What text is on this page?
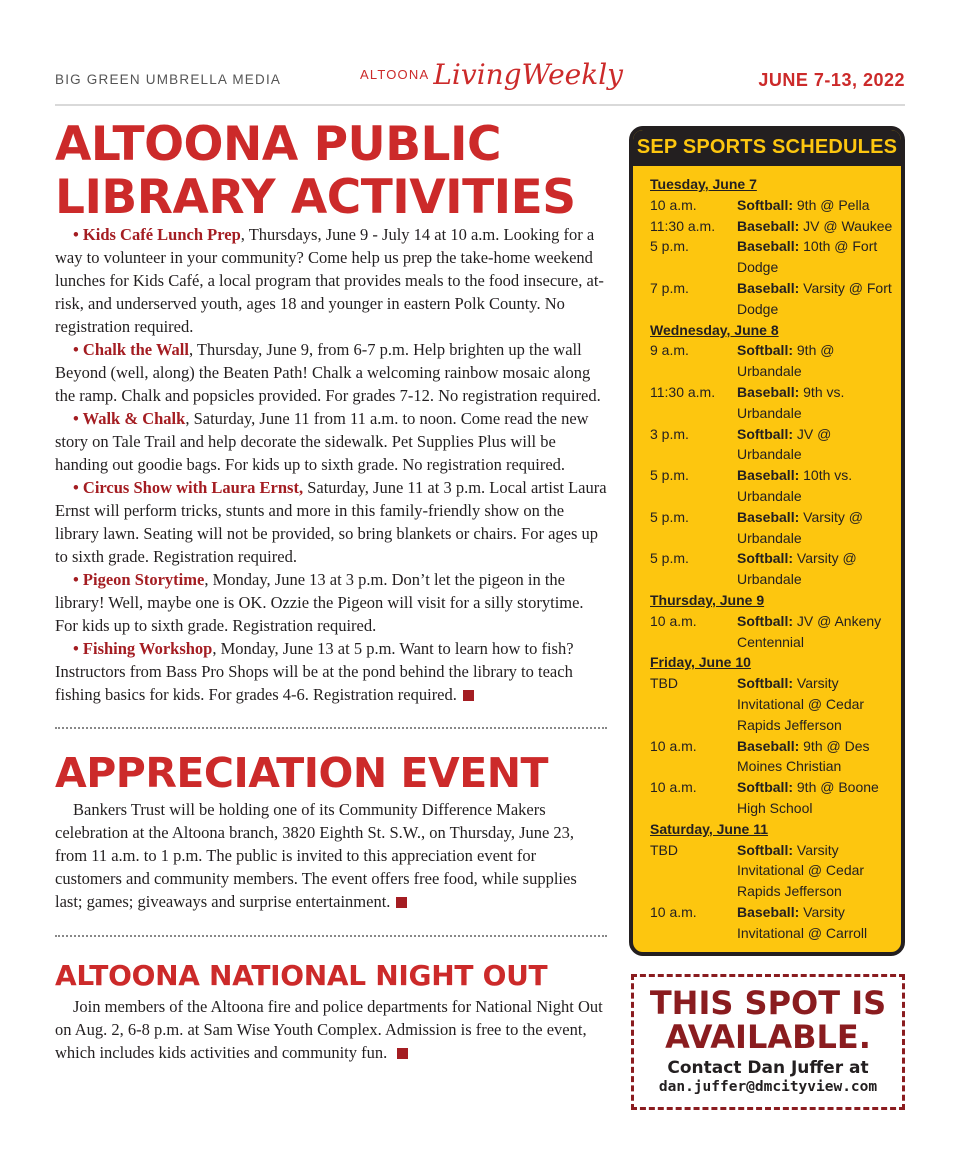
BIG GREEN UMBRELLA MEDIA	ALTOONA LivingWeekly	JUNE 7-13, 2022
ALTOONA PUBLIC LIBRARY ACTIVITIES

• Kids Café Lunch Prep, Thursdays, June 9 - July 14 at 10 a.m. Looking for a way to volunteer in your community? Come help us prep the take-home weekend lunches for Kids Café, a local program that provides meals to the food insecure, at-risk, and underserved youth, ages 18 and younger in eastern Polk County. No registration required.

• Chalk the Wall, Thursday, June 9, from 6-7 p.m. Help brighten up the wall Beyond (well, along) the Beaten Path! Chalk a welcoming rainbow mosaic along the ramp. Chalk and popsicles provided. For grades 7-12. No registration required.

• Walk & Chalk, Saturday, June 11 from 11 a.m. to noon. Come read the new story on Tale Trail and help decorate the sidewalk. Pet Supplies Plus will be handing out goodie bags. For kids up to sixth grade. No registration required.

• Circus Show with Laura Ernst, Saturday, June 11 at 3 p.m. Local artist Laura Ernst will perform tricks, stunts and more in this family-friendly show on the library lawn. Seating will not be provided, so bring blankets or chairs. For ages up to sixth grade. Registration required.

• Pigeon Storytime, Monday, June 13 at 3 p.m. Don’t let the pigeon in the library! Well, maybe one is OK. Ozzie the Pigeon will visit for a silly storytime. For kids up to sixth grade. Registration required.

• Fishing Workshop, Monday, June 13 at 5 p.m. Want to learn how to fish? Instructors from Bass Pro Shops will be at the pond behind the library to teach fishing basics for kids. For grades 4-6. Registration required.

APPRECIATION EVENT

Bankers Trust will be holding one of its Community Difference Makers celebration at the Altoona branch, 3820 Eighth St. S.W., on Thursday, June 23, from 11 a.m. to 1 p.m. The public is invited to this appreciation event for customers and community members. The event offers free food, while supplies last; games; giveaways and surprise entertainment.

ALTOONA NATIONAL NIGHT OUT

Join members of the Altoona fire and police departments for National Night Out on Aug. 2, 6-8 p.m. at Sam Wise Youth Complex. Admission is free to the event, which includes kids activities and community fun.

SEP SPORTS SCHEDULES
Tuesday, June 7
10 a.m.	Softball: 9th @ Pella
11:30 a.m.	Baseball: JV @ Waukee
5 p.m.	Baseball: 10th @ Fort Dodge
7 p.m.	Baseball: Varsity @ Fort Dodge
Wednesday, June 8
9 a.m.	Softball: 9th @ Urbandale
11:30 a.m.	Baseball: 9th vs. Urbandale
3 p.m.	Softball: JV @ Urbandale
5 p.m.	Baseball: 10th vs. Urbandale
5 p.m.	Baseball: Varsity @ Urbandale
5 p.m.	Softball: Varsity @ Urbandale
Thursday, June 9
10 a.m.	Softball: JV @ Ankeny Centennial
Friday, June 10
TBD	Softball: Varsity Invitational @ Cedar Rapids Jefferson
10 a.m.	Baseball: 9th @ Des Moines Christian
10 a.m.	Softball: 9th @ Boone High School
Saturday, June 11
TBD	Softball: Varsity Invitational @ Cedar Rapids Jefferson
10 a.m.	Baseball: Varsity Invitational @ Carroll
THIS SPOT IS
AVAILABLE.
Contact Dan Juffer at
dan.juffer@dmcityview.com
